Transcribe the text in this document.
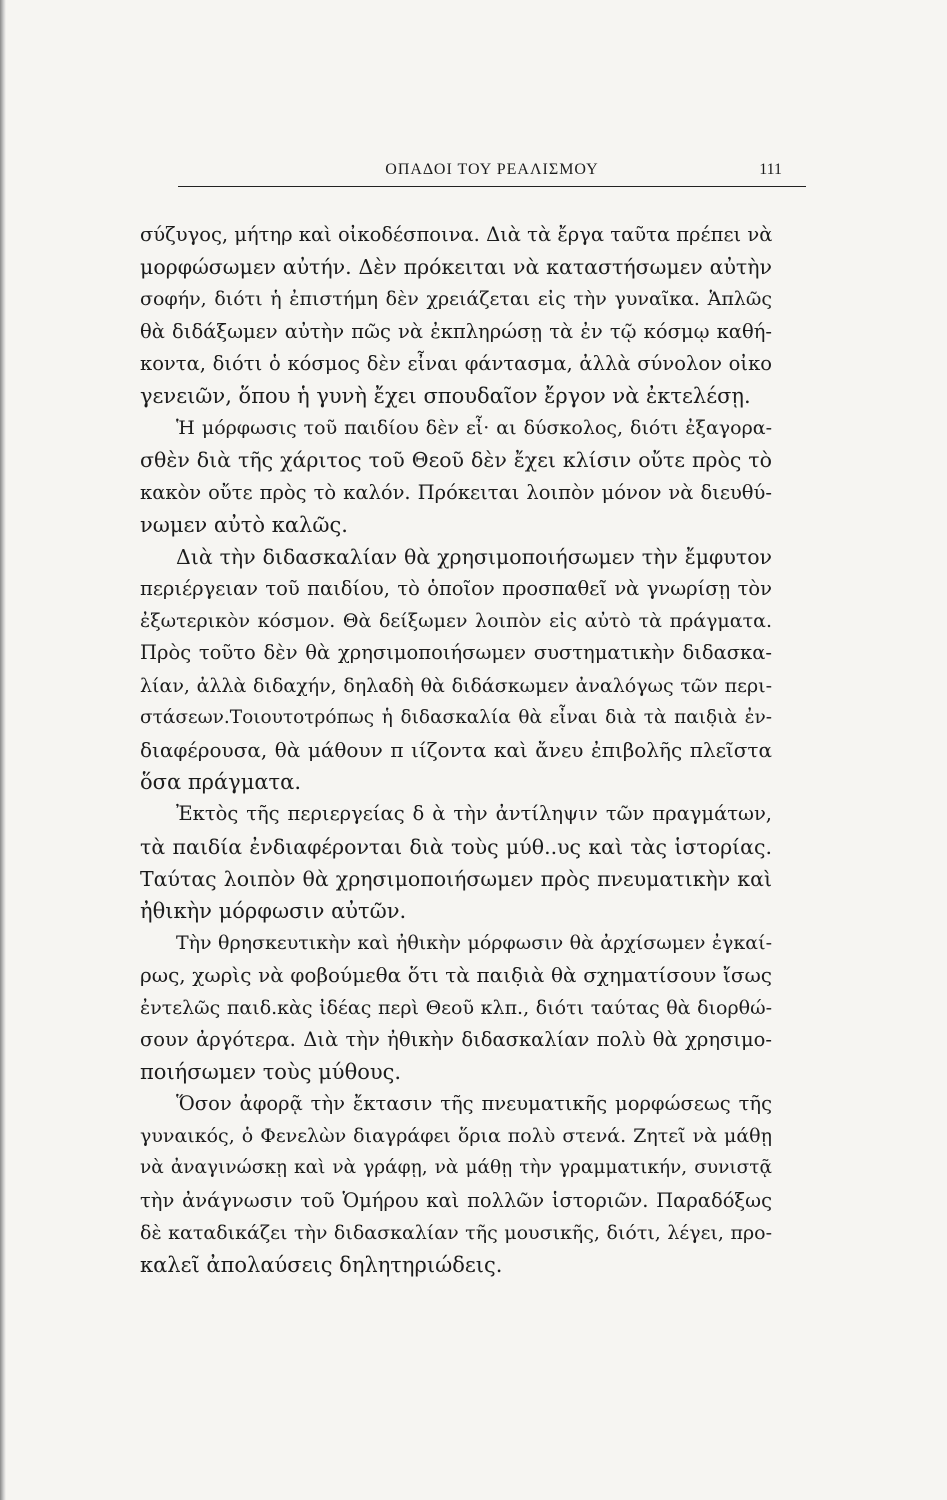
ΟΠΑΔΟΙ ΤΟΥ ΡΕΑΛΙΣΜΟΥ	111
σύζυγος, μήτηρ καὶ οἰκοδέσποινα. Διὰ τὰ ἔργα ταῦτα πρέπει νὰ
μορφώσωμεν αὐτήν. Δὲν πρόκειται νὰ καταστήσωμεν αὐτὴν
σοφήν, διότι ἡ ἐπιστήμη δὲν χρειάζεται εἰς τὴν γυναῖκα. Ἁπλῶς
θὰ διδάξωμεν αὐτὴν πῶς νὰ ἐκπληρώσῃ τὰ ἐν τῷ κόσμῳ καθή-
κοντα, διότι ὁ κόσμος δὲν εἶναι φάντασμα, ἀλλὰ σύνολον οἰκο
γενειῶν, ὅπου ἡ γυνὴ ἔχει σπουδαῖον ἔργον νὰ ἐκτελέσῃ.
Ἡ μόρφωσις τοῦ παιδίου δὲν εἶ· αι δύσκολος, διότι ἐξαγορα-
σθὲν διὰ τῆς χάριτος τοῦ Θεοῦ δὲν ἔχει κλίσιν οὔτε πρὸς τὸ
κακὸν οὔτε πρὸς τὸ καλόν. Πρόκειται λοιπὸν μόνον νὰ διευθύ-
νωμεν αὐτὸ καλῶς.
Διὰ τὴν διδασκαλίαν θὰ χρησιμοποιήσωμεν τὴν ἔμφυτον
περιέργειαν τοῦ παιδίου, τὸ ὁποῖον προσπαθεῖ νὰ γνωρίσῃ τὸν
ἐξωτερικὸν κόσμον. Θὰ δείξωμεν λοιπὸν εἰς αὐτὸ τὰ πράγματα.
Πρὸς τοῦτο δὲν θὰ χρησιμοποιήσωμεν συστηματικὴν διδασκα-
λίαν, ἀλλὰ διδαχήν, δηλαδὴ θὰ διδάσκωμεν ἀναλόγως τῶν περι-
στάσεων.Τοιουτοτρόπως ἡ διδασκαλία θὰ εἶναι διὰ τὰ παιδ̣ιὰ ἐν-
διαφέρουσα, θὰ μάθουν π ιίζοντα καὶ ἄνευ ἐπιβολῆς πλεῖστα
ὅσα πράγματα.
Ἐκτὸς τῆς περιεργείας δ ὰ τὴν ἀντίληψιν τῶν πραγμάτων,
τὰ παιδία ἐνδιαφέρονται διὰ τοὺς μύθ..υς καὶ τὰς ἱστορίας.
Ταύτας λοιπὸν θὰ χρησιμοποιήσωμεν πρὸς πνευματικὴν καὶ
ἠθικὴν μόρφωσιν αὐτῶν.
Τὴν θρησκευτικὴν καὶ ἠθικὴν μόρφωσιν θὰ ἀρχίσωμεν ἐγκαί-
ρως, χωρὶς νὰ φοβούμεθα ὅτι τὰ παιδ̣ιὰ θὰ σχηματίσουν ἴσως
ἐντελῶς παιδ.κὰς ἰδέας περὶ Θεοῦ κλπ., διότι ταύτας θὰ διορθώ-
σουν ἀργότερα. Διὰ τὴν ἠθικὴν διδασκαλίαν πολὺ θὰ χρησιμο-
ποιήσωμεν τοὺς μύθους.
Ὅσον ἀφορᾷ τὴν ἔκτασιν τῆς πνευματικῆς μορφώσεως τῆς
γυναικός, ὁ Φενελὼν διαγράφει ὅρια πολὺ στενά. Ζητεῖ νὰ μάθῃ
νὰ ἀναγινώσκῃ καὶ νὰ γράφῃ, νὰ μάθῃ τὴν γραμματικήν, συνιστᾷ
τὴν ἀνάγνωσιν τοῦ Ὁμήρου καὶ πολλῶν ἱστοριῶν. Παραδόξως
δὲ καταδικάζει τὴν διδασκαλίαν τῆς μουσικῆς, διότι, λέγει, προ-
καλεῖ ἀπολαύσεις δηλητηριώδεις.
